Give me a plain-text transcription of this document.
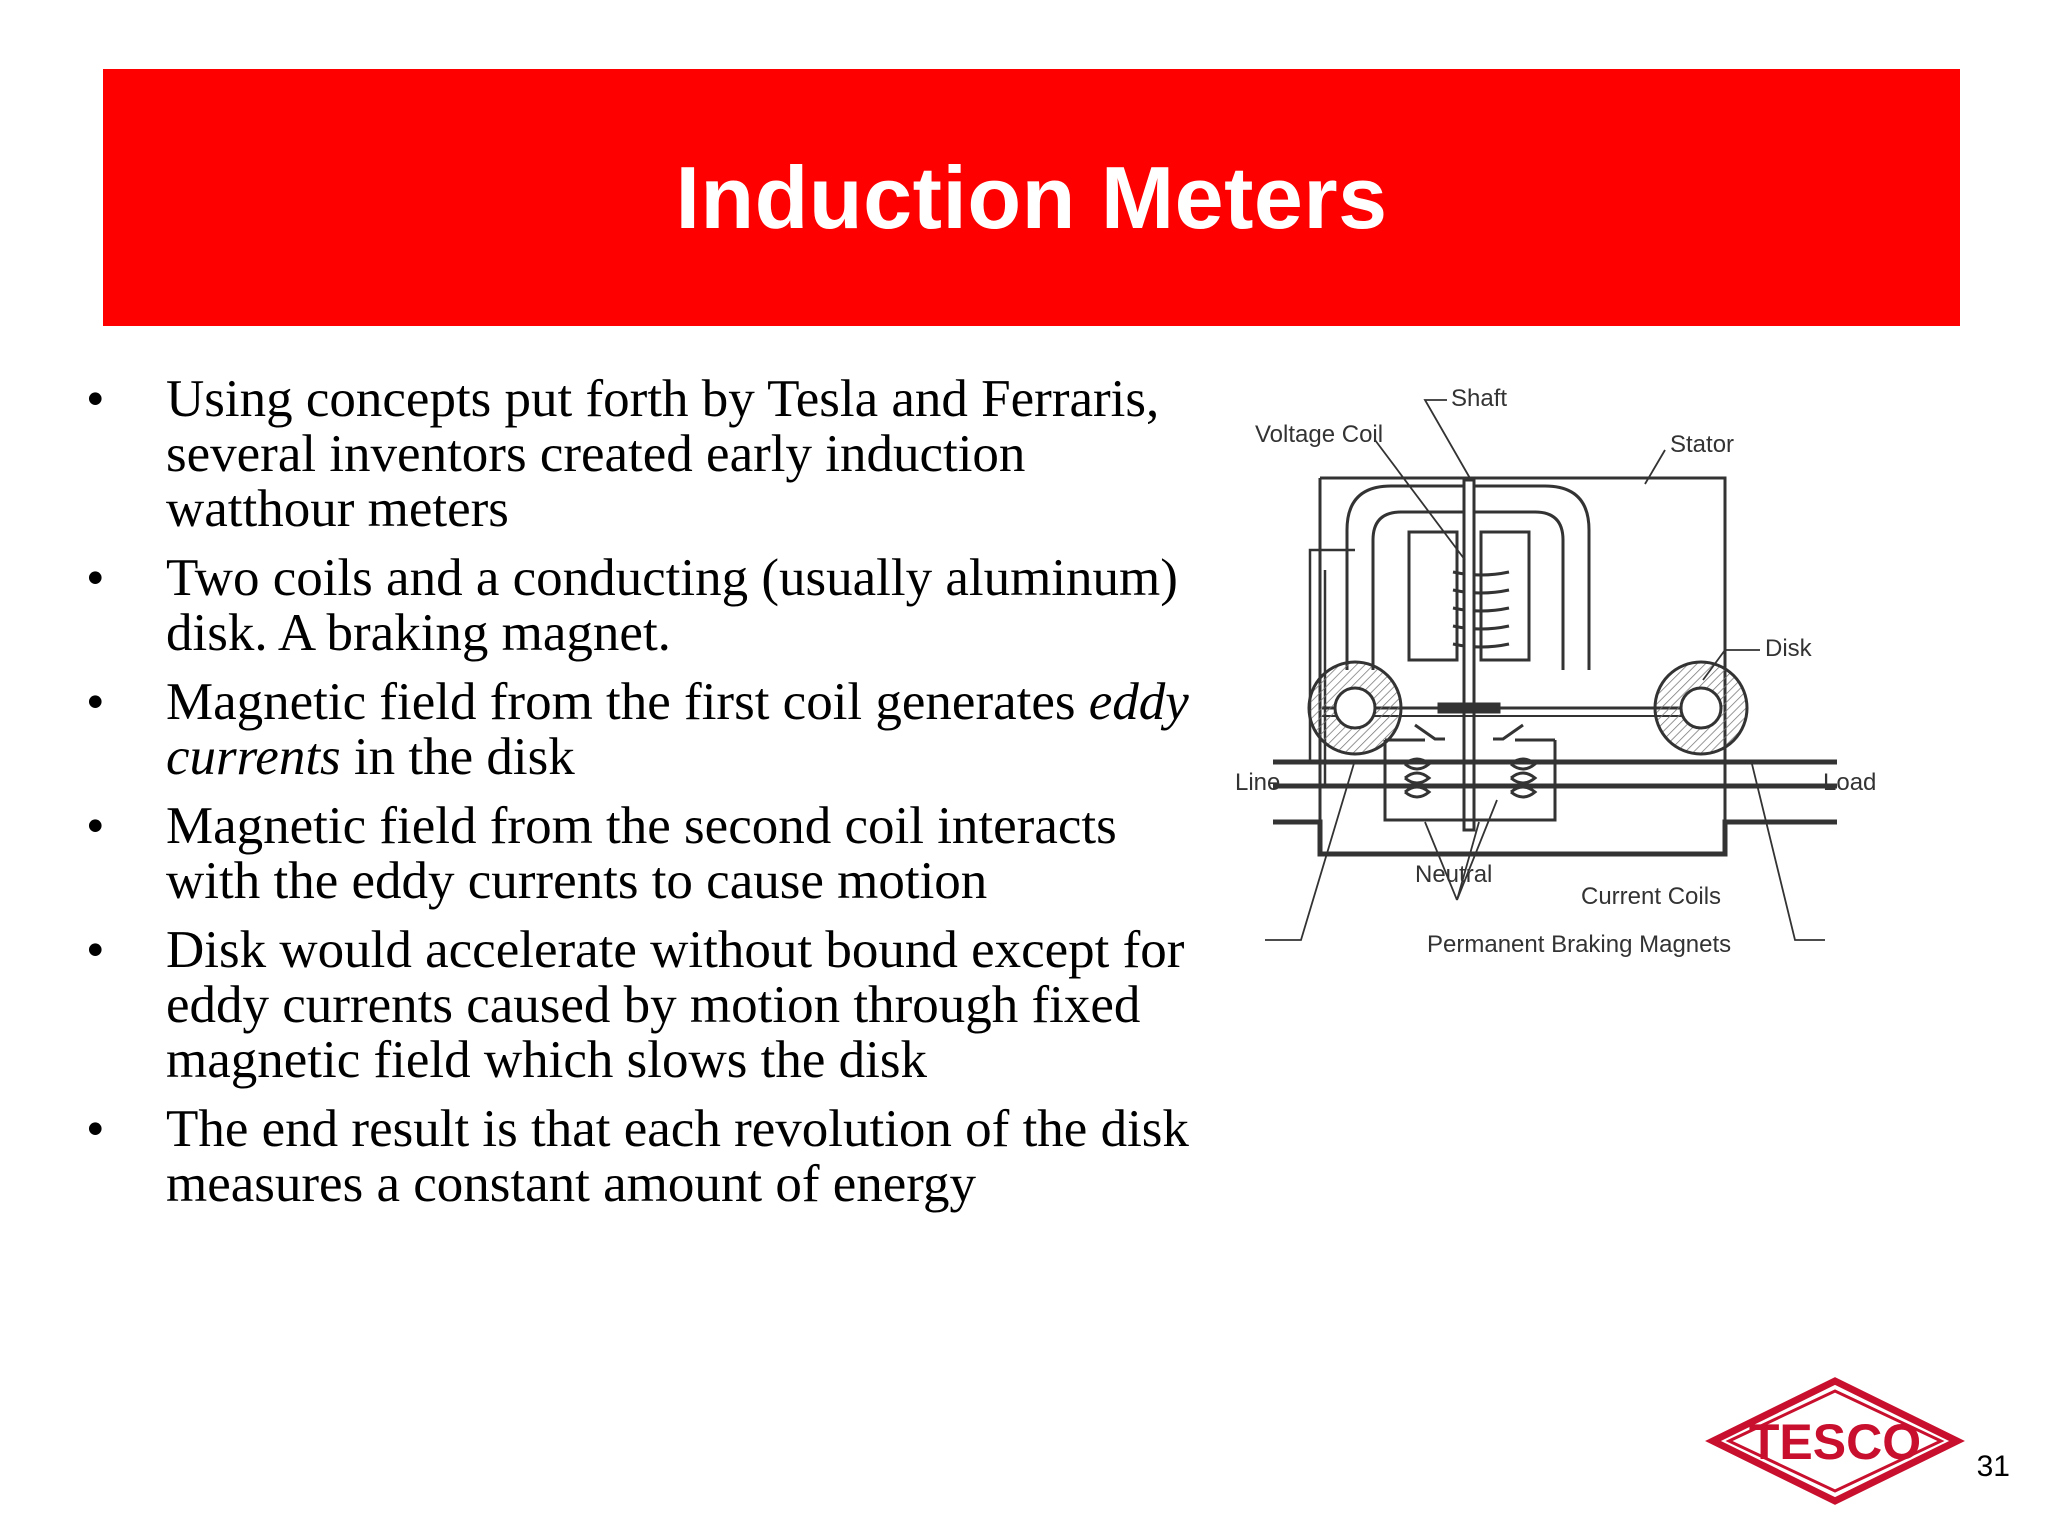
Induction Meters
• Using concepts put forth by Tesla and Ferraris, several inventors created early induction watthour meters
• Two coils and a conducting (usually aluminum) disk. A braking magnet.
• Magnetic field from the first coil generates eddy currents in the disk
• Magnetic field from the second coil interacts with the eddy currents to cause motion
• Disk would accelerate without bound except for eddy currents caused by motion through fixed magnetic field which slows the disk
• The end result is that each revolution of the disk measures a constant amount of energy
Shaft
Voltage Coil	Stator
Disk
Line	Load
Neutral
Current Coils
Permanent Braking Magnets
TESCO 31
